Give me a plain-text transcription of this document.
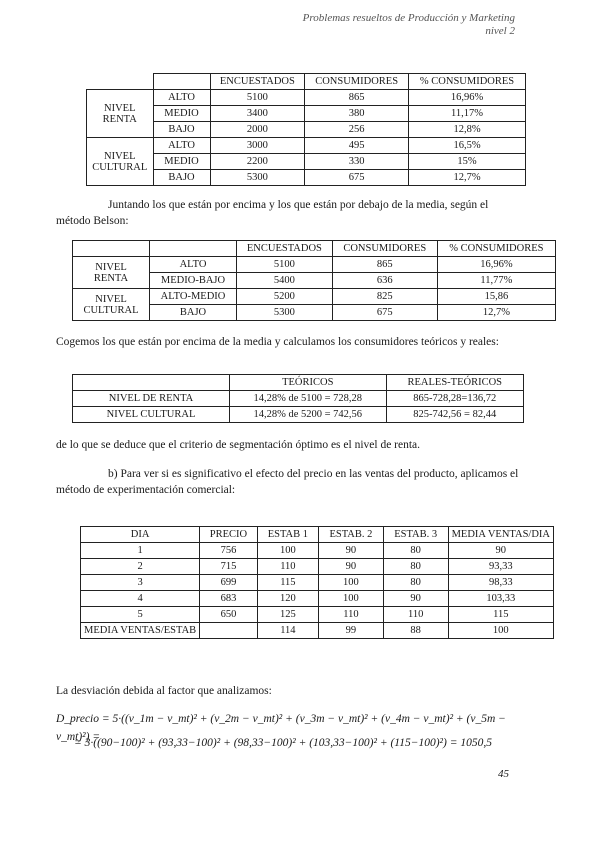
Problemas resueltos de Producción y Marketing
nivel 2
		ENCUESTADOS	CONSUMIDORES	% CONSUMIDORES

NIVEL
RENTA	ALTO	5100	865	16,96%
	MEDIO	3400	380	11,17%
	BAJO	2000	256	12,8%

NIVEL
CULTURAL	ALTO	3000	495	16,5%
	MEDIO	2200	330	15%
	BAJO	5300	675	12,7%
Juntando los que están por encima y los que están por debajo de la media, según el método Belson:
		ENCUESTADOS	CONSUMIDORES	% CONSUMIDORES

NIVEL
RENTA	ALTO	5100	865	16,96%
	MEDIO-BAJO	5400	636	11,77%

NIVEL
CULTURAL	ALTO-MEDIO	5200	825	15,86
	BAJO	5300	675	12,7%
Cogemos los que están por encima de la media y calculamos los consumidores teóricos y reales:
	TEÓRICOS	REALES-TEÓRICOS
NIVEL DE RENTA	14,28% de 5100 = 728,28	865-728,28=136,72
NIVEL CULTURAL	14,28% de 5200 = 742,56	825-742,56 = 82,44
de lo que se deduce que el criterio de segmentación óptimo es el nivel de renta.
b) Para ver si es significativo el efecto del precio en las ventas del producto, aplicamos el método de experimentación comercial:
DIA	PRECIO	ESTAB 1	ESTAB. 2	ESTAB. 3	MEDIA VENTAS/DIA
1	756	100	90	80	90
2	715	110	90	80	93,33
3	699	115	100	80	98,33
4	683	120	100	90	103,33
5	650	125	110	110	115
MEDIA VENTAS/ESTAB		114	99	88	100
La desviación debida al factor que analizamos:
D_precio = 5·((v_1m − v_mt)² + (v_2m − v_mt)² + (v_3m − v_mt)² + (v_4m − v_mt)² + (v_5m − v_mt)²) =
= 3·((90−100)² + (93,33−100)² + (98,33−100)² + (103,33−100)² + (115−100)²) = 1050,5
45
